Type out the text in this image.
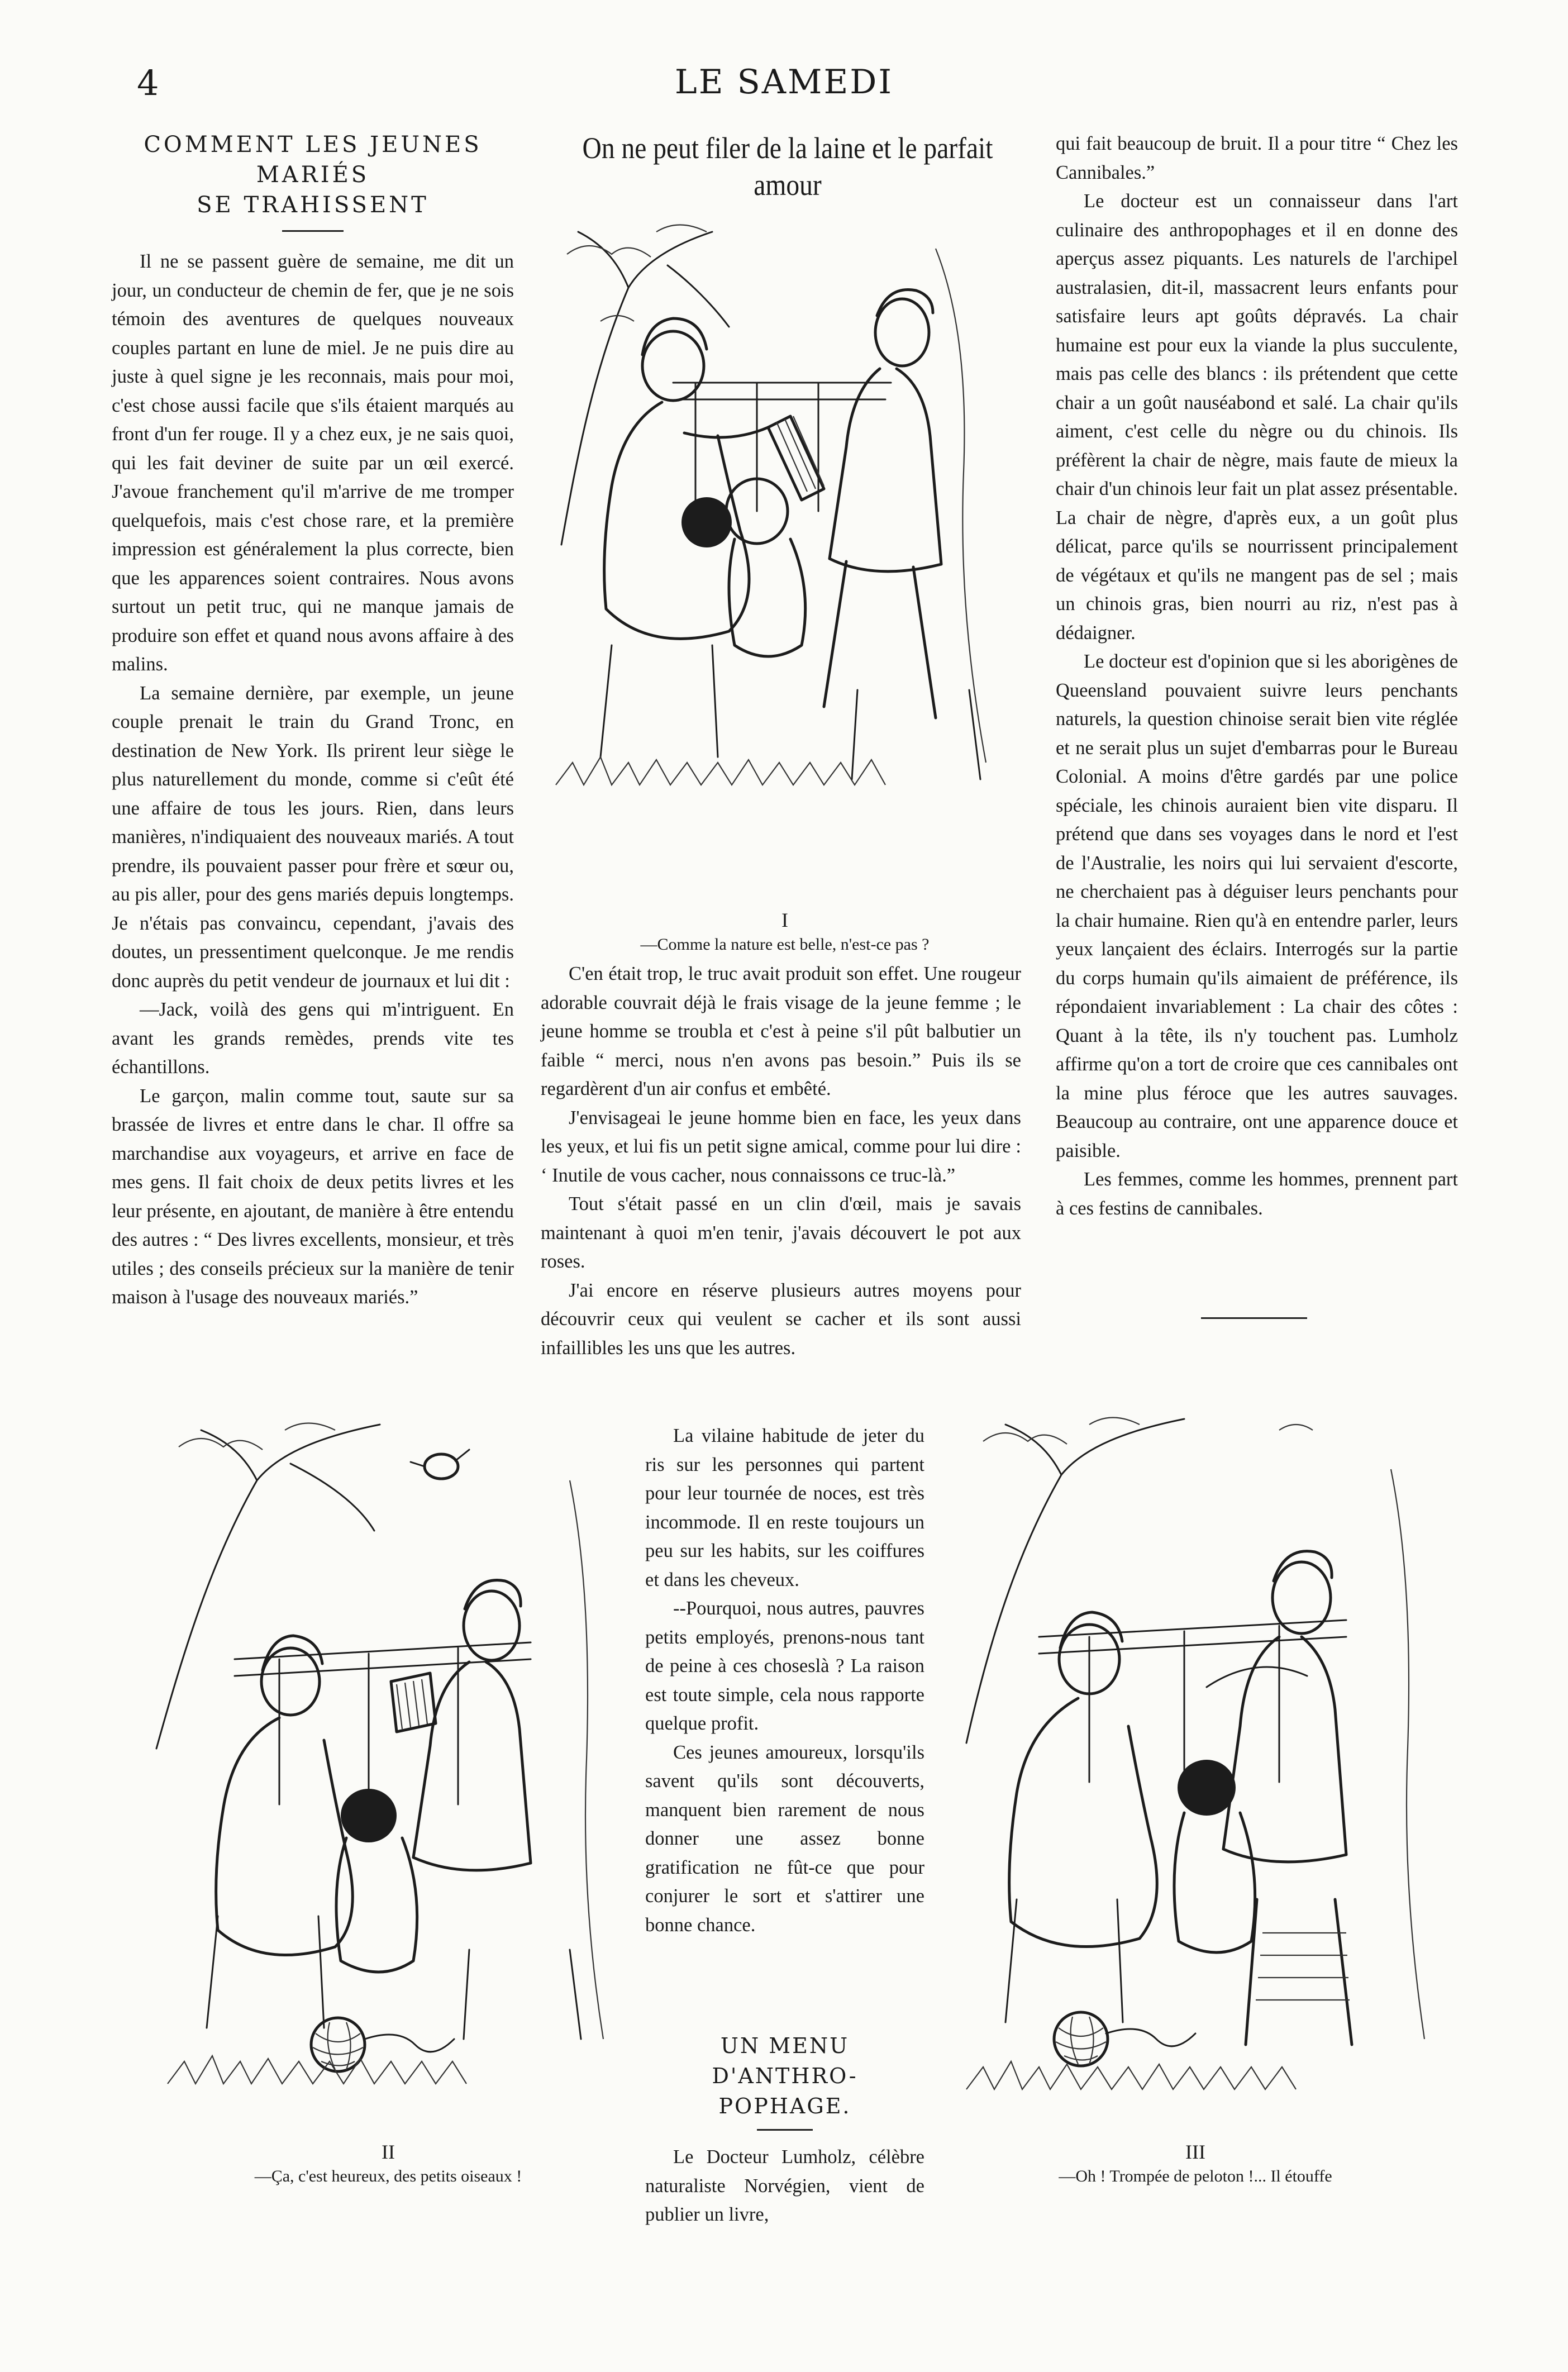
4	LE SAMEDI
COMMENT LES JEUNES MARIÉS
SE TRAHISSENT

Il ne se passent guère de semaine, me dit un jour, un conducteur de chemin de fer, que je ne sois témoin des aventures de quelques nouveaux couples partant en lune de miel. Je ne puis dire au juste à quel signe je les reconnais, mais pour moi, c'est chose aussi facile que s'ils étaient marqués au front d'un fer rouge. Il y a chez eux, je ne sais quoi, qui les fait deviner de suite par un œil exercé. J'avoue franchement qu'il m'arrive de me tromper quelquefois, mais c'est chose rare, et la première impression est généralement la plus correcte, bien que les apparences soient contraires. Nous avons surtout un petit truc, qui ne manque jamais de produire son effet et quand nous avons affaire à des malins.

La semaine dernière, par exemple, un jeune couple prenait le train du Grand Tronc, en destination de New York. Ils prirent leur siège le plus naturellement du monde, comme si c'eût été une affaire de tous les jours. Rien, dans leurs manières, n'indiquaient des nouveaux mariés. A tout prendre, ils pouvaient passer pour frère et sœur ou, au pis aller, pour des gens mariés depuis longtemps. Je n'étais pas convaincu, cependant, j'avais des doutes, un pressentiment quelconque. Je me rendis donc auprès du petit vendeur de journaux et lui dit :

—Jack, voilà des gens qui m'intriguent. En avant les grands remèdes, prends vite tes échantillons.

Le garçon, malin comme tout, saute sur sa brassée de livres et entre dans le char. Il offre sa marchandise aux voyageurs, et arrive en face de mes gens. Il fait choix de deux petits livres et les leur présente, en ajoutant, de manière à être entendu des autres : “ Des livres excellents, monsieur, et très utiles ; des conseils précieux sur la manière de tenir maison à l'usage des nouveaux mariés.”

On ne peut filer de la laine et le parfait amour
I
—Comme la nature est belle, n'est-ce pas ?

C'en était trop, le truc avait produit son effet. Une rougeur adorable couvrait déjà le frais visage de la jeune femme ; le jeune homme se troubla et c'est à peine s'il pût balbutier un faible “ merci, nous n'en avons pas besoin.” Puis ils se regardèrent d'un air confus et embêté.

J'envisageai le jeune homme bien en face, les yeux dans les yeux, et lui fis un petit signe amical, comme pour lui dire : ‘ Inutile de vous cacher, nous connaissons ce truc-là.”

Tout s'était passé en un clin d'œil, mais je savais maintenant à quoi m'en tenir, j'avais découvert le pot aux roses.

J'ai encore en réserve plusieurs autres moyens pour découvrir ceux qui veulent se cacher et ils sont aussi infaillibles les uns que les autres.

La vilaine habitude de jeter du ris sur les personnes qui partent pour leur tournée de noces, est très incommode. Il en reste toujours un peu sur les habits, sur les coiffures et dans les cheveux.

--Pourquoi, nous autres, pauvres petits employés, prenons-nous tant de peine à ces choseslà ? La raison est toute simple, cela nous rapporte quelque profit.

Ces jeunes amoureux, lorsqu'ils savent qu'ils sont découverts, manquent bien rarement de nous donner une assez bonne gratification ne fût-ce que pour conjurer le sort et s'attirer une bonne chance.

UN MENU D'ANTHRO-
POPHAGE.

Le Docteur Lumholz, célèbre naturaliste Norvégien, vient de publier un livre,

qui fait beaucoup de bruit. Il a pour titre “ Chez les Cannibales.”

Le docteur est un connaisseur dans l'art culinaire des anthropophages et il en donne des aperçus assez piquants. Les naturels de l'archipel australasien, dit-il, massacrent leurs enfants pour satisfaire leurs apt goûts dépravés. La chair humaine est pour eux la viande la plus succulente, mais pas celle des blancs : ils prétendent que cette chair a un goût nauséabond et salé. La chair qu'ils aiment, c'est celle du nègre ou du chinois. Ils préfèrent la chair de nègre, mais faute de mieux la chair d'un chinois leur fait un plat assez présentable. La chair de nègre, d'après eux, a un goût plus délicat, parce qu'ils se nourrissent principalement de végétaux et qu'ils ne mangent pas de sel ; mais un chinois gras, bien nourri au riz, n'est pas à dédaigner.

Le docteur est d'opinion que si les aborigènes de Queensland pouvaient suivre leurs penchants naturels, la question chinoise serait bien vite réglée et ne serait plus un sujet d'embarras pour le Bureau Colonial. A moins d'être gardés par une police spéciale, les chinois auraient bien vite disparu. Il prétend que dans ses voyages dans le nord et l'est de l'Australie, les noirs qui lui servaient d'escorte, ne cherchaient pas à déguiser leurs penchants pour la chair humaine. Rien qu'à en entendre parler, leurs yeux lançaient des éclairs. Interrogés sur la partie du corps humain qu'ils aimaient de préférence, ils répondaient invariablement : La chair des côtes : Quant à la tête, ils n'y touchent pas. Lumholz affirme qu'on a tort de croire que ces cannibales ont la mine plus féroce que les autres sauvages. Beaucoup au contraire, ont une apparence douce et paisible.

Les femmes, comme les hommes, prennent part à ces festins de cannibales.

II
—Ça, c'est heureux, des petits oiseaux !
III
—Oh ! Trompée de peloton !... Il étouffe
